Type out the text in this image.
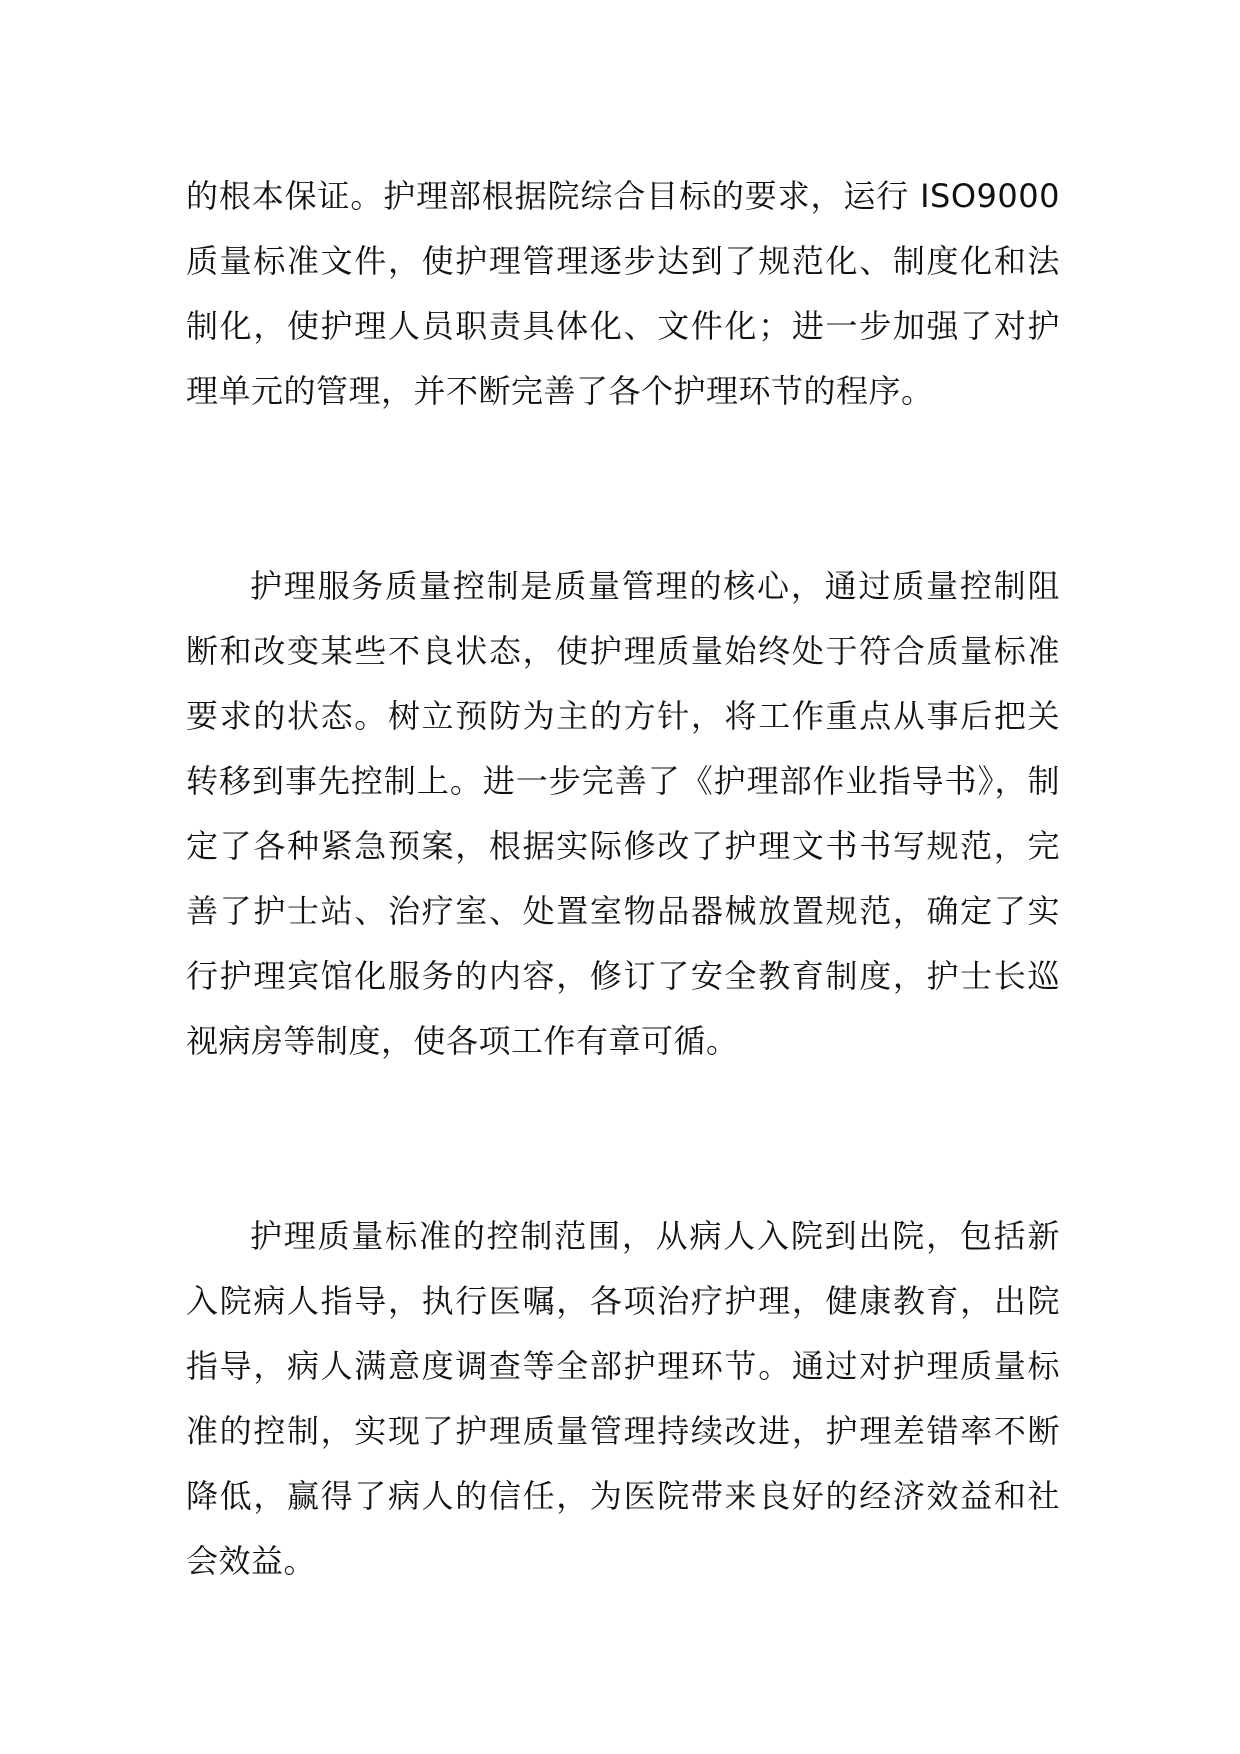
的根本保证。护理部根据院综合目标的要求，运行 ISO9000 质量标准文件，使护理管理逐步达到了规范化、制度化和法制化，使护理人员职责具体化、文件化；进一步加强了对护理单元的管理，并不断完善了各个护理环节的程序。

护理服务质量控制是质量管理的核心，通过质量控制阻断和改变某些不良状态，使护理质量始终处于符合质量标准要求的状态。树立预防为主的方针，将工作重点从事后把关转移到事先控制上。进一步完善了《护理部作业指导书》，制定了各种紧急预案，根据实际修改了护理文书书写规范，完善了护士站、治疗室、处置室物品器械放置规范，确定了实行护理宾馆化服务的内容，修订了安全教育制度，护士长巡视病房等制度，使各项工作有章可循。

护理质量标准的控制范围，从病人入院到出院，包括新入院病人指导，执行医嘱，各项治疗护理，健康教育，出院指导，病人满意度调查等全部护理环节。通过对护理质量标准的控制，实现了护理质量管理持续改进，护理差错率不断降低，赢得了病人的信任，为医院带来良好的经济效益和社会效益。
